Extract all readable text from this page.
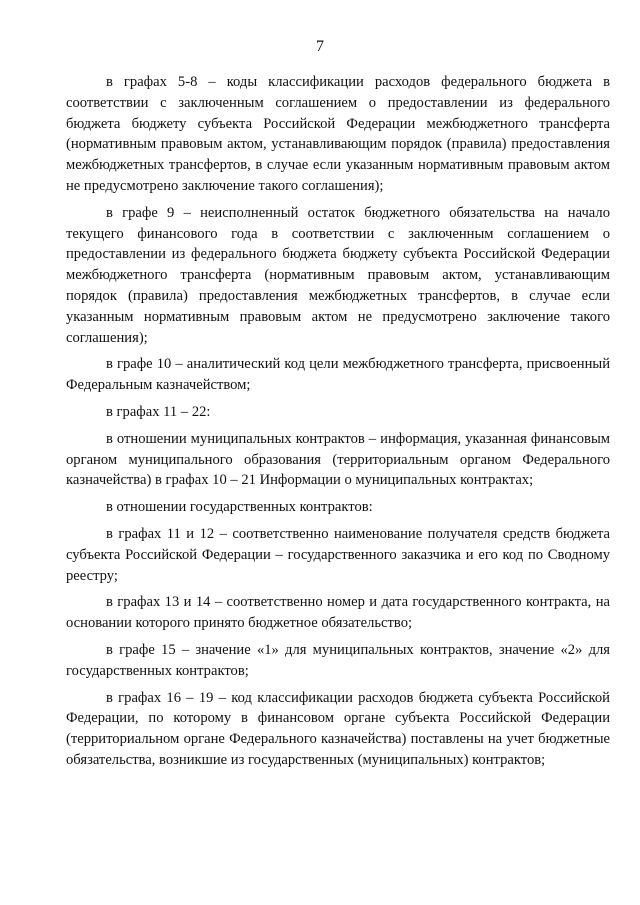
7

в графах 5-8 – коды классификации расходов федерального бюджета в соответствии с заключенным соглашением о предоставлении из федерального бюджета бюджету субъекта Российской Федерации межбюджетного трансферта (нормативным правовым актом, устанавливающим порядок (правила) предоставления межбюджетных трансфертов, в случае если указанным нормативным правовым актом не предусмотрено заключение такого соглашения);

в графе 9 – неисполненный остаток бюджетного обязательства на начало текущего финансового года в соответствии с заключенным соглашением о предоставлении из федерального бюджета бюджету субъекта Российской Федерации межбюджетного трансферта (нормативным правовым актом, устанавливающим порядок (правила) предоставления межбюджетных трансфертов, в случае если указанным нормативным правовым актом не предусмотрено заключение такого соглашения);

в графе 10 – аналитический код цели межбюджетного трансферта, присвоенный Федеральным казначейством;

в графах 11 – 22:

в отношении муниципальных контрактов – информация, указанная финансовым органом муниципального образования (территориальным органом Федерального казначейства) в графах 10 – 21 Информации о муниципальных контрактах;

в отношении государственных контрактов:

в графах 11 и 12 – соответственно наименование получателя средств бюджета субъекта Российской Федерации – государственного заказчика и его код по Сводному реестру;

в графах 13 и 14 – соответственно номер и дата государственного контракта, на основании которого принято бюджетное обязательство;

в графе 15 – значение «1» для муниципальных контрактов, значение «2» для государственных контрактов;

в графах 16 – 19 – код классификации расходов бюджета субъекта Российской Федерации, по которому в финансовом органе субъекта Российской Федерации (территориальном органе Федерального казначейства) поставлены на учет бюджетные обязательства, возникшие из государственных (муниципальных) контрактов;
